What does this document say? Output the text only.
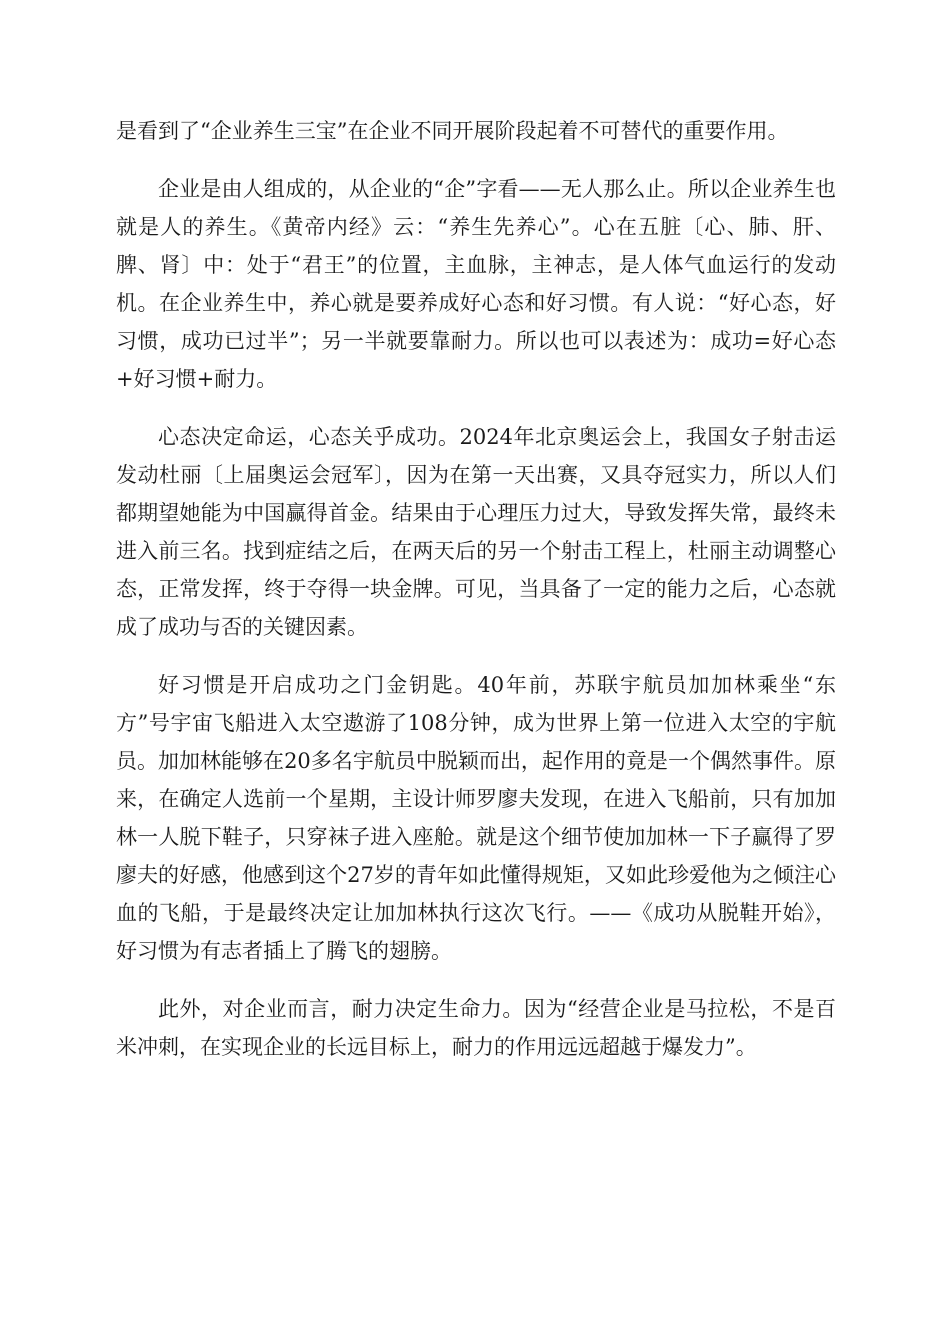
是看到了“企业养生三宝”在企业不同开展阶段起着不可替代的重要作用。

企业是由人组成的，从企业的“企”字看——无人那么止。所以企业养生也就是人的养生。《黄帝内经》云：“养生先养心”。心在五脏〔心、肺、肝、脾、肾〕中：处于“君王”的位置，主血脉，主神志，是人体气血运行的发动机。在企业养生中，养心就是要养成好心态和好习惯。有人说：“好心态，好习惯，成功已过半”；另一半就要靠耐力。所以也可以表述为：成功=好心态+好习惯+耐力。

心态决定命运，心态关乎成功。2024年北京奥运会上，我国女子射击运发动杜丽〔上届奥运会冠军〕，因为在第一天出赛，又具夺冠实力，所以人们都期望她能为中国赢得首金。结果由于心理压力过大，导致发挥失常，最终未进入前三名。找到症结之后，在两天后的另一个射击工程上，杜丽主动调整心态，正常发挥，终于夺得一块金牌。可见，当具备了一定的能力之后，心态就成了成功与否的关键因素。

好习惯是开启成功之门金钥匙。40年前，苏联宇航员加加林乘坐“东方”号宇宙飞船进入太空遨游了108分钟，成为世界上第一位进入太空的宇航员。加加林能够在20多名宇航员中脱颖而出，起作用的竟是一个偶然事件。原来，在确定人选前一个星期，主设计师罗廖夫发现，在进入飞船前，只有加加林一人脱下鞋子，只穿袜子进入座舱。就是这个细节使加加林一下子赢得了罗廖夫的好感，他感到这个27岁的青年如此懂得规矩，又如此珍爱他为之倾注心血的飞船，于是最终决定让加加林执行这次飞行。——《成功从脱鞋开始》，好习惯为有志者插上了腾飞的翅膀。

此外，对企业而言，耐力决定生命力。因为“经营企业是马拉松，不是百米冲刺，在实现企业的长远目标上，耐力的作用远远超越于爆发力”。
